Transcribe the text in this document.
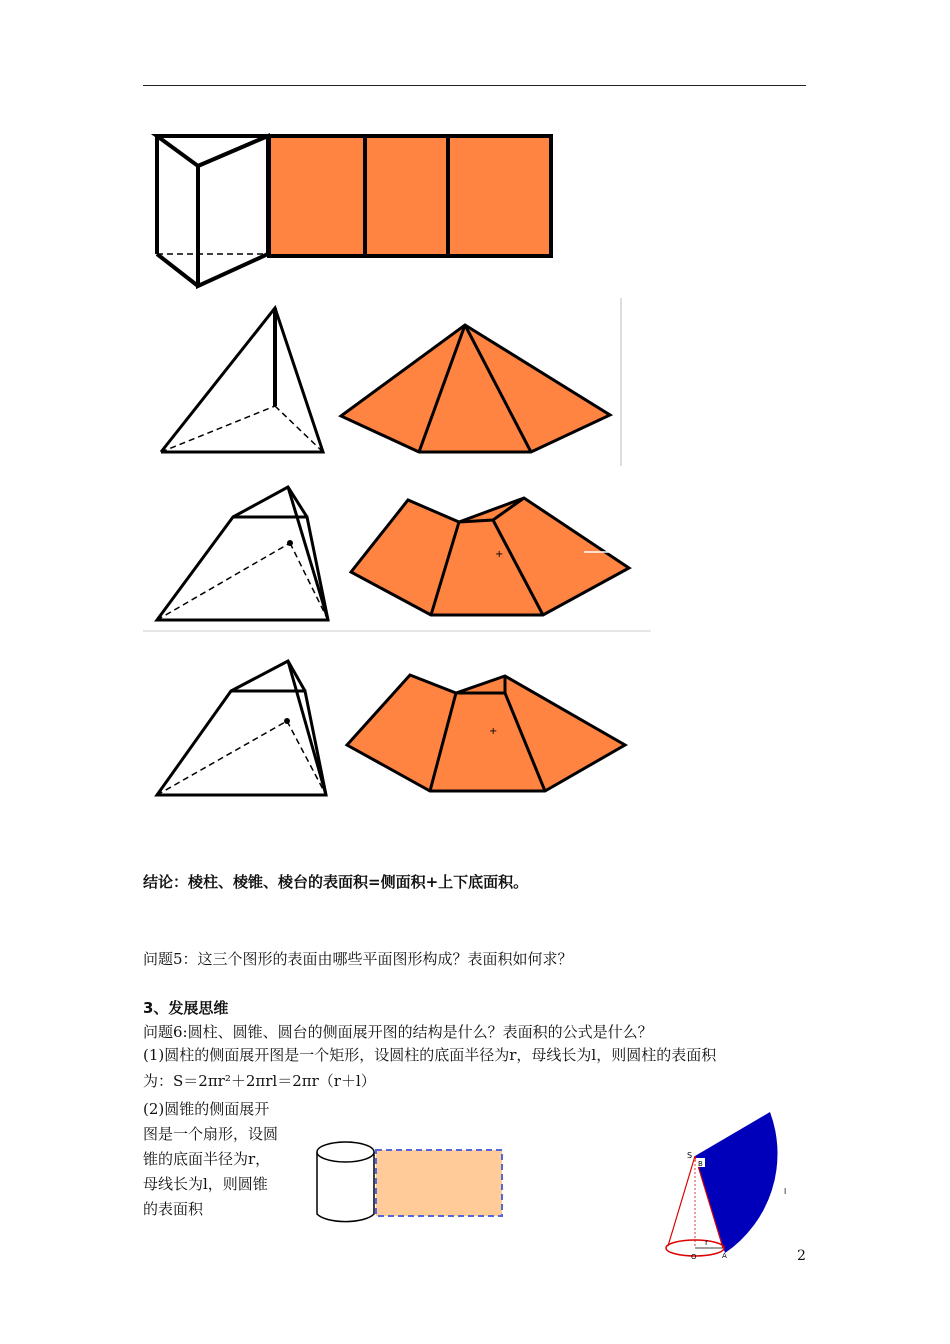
+
+
结论：棱柱、棱锥、棱台的表面积=侧面积+上下底面积。
问题5：这三个图形的表面由哪些平面图形构成？表面积如何求？
3、发展思维
问题6:圆柱、圆锥、圆台的侧面展开图的结构是什么？表面积的公式是什么？
(1)圆柱的侧面展开图是一个矩形，设圆柱的底面半径为r，母线长为l，则圆柱的表面积
为：S＝2πr²＋2πrl＝2πr（r＋l）
(2)圆锥的侧面展开
图是一个扇形，设圆
锥的底面半径为r，
母线长为l，则圆锥
的表面积
S
B
l
r
O	A	2
